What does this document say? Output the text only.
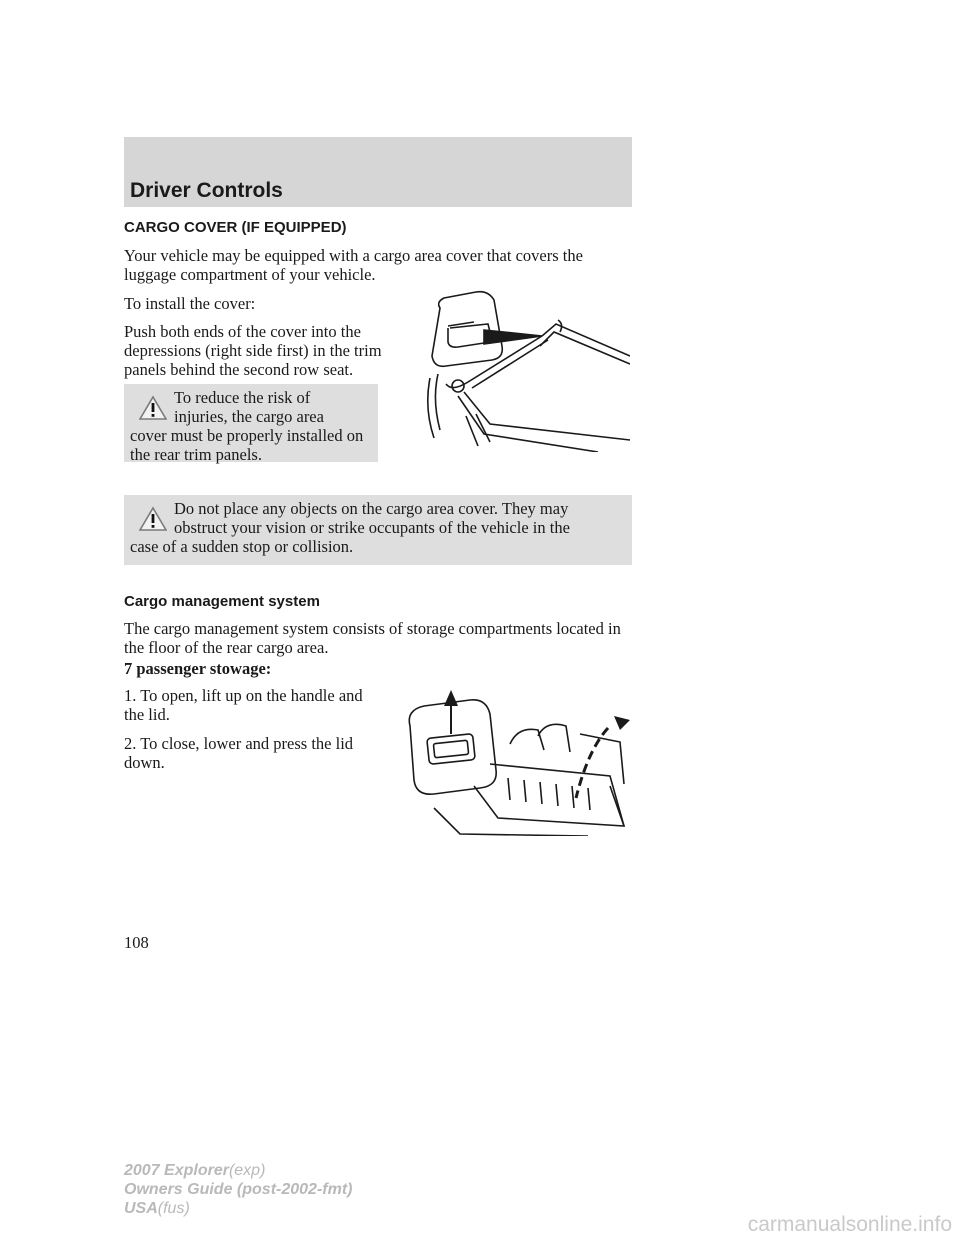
Driver Controls
CARGO COVER (IF EQUIPPED)

Your vehicle may be equipped with a cargo area cover that covers the luggage compartment of your vehicle.

To install the cover:

Push both ends of the cover into the depressions (right side first) in the trim panels behind the second row seat.

To reduce the risk of
injuries, the cargo area
cover must be properly installed on the rear trim panels.
Do not place any objects on the cargo area cover. They may
obstruct your vision or strike occupants of the vehicle in the
case of a sudden stop or collision.
Cargo management system

The cargo management system consists of storage compartments located in the floor of the rear cargo area.

7 passenger stowage:

1. To open, lift up on the handle and the lid.

2. To close, lower and press the lid down.

108
2007 Explorer(exp)
Owners Guide (post-2002-fmt)
USA(fus)
carmanualsonline.info
